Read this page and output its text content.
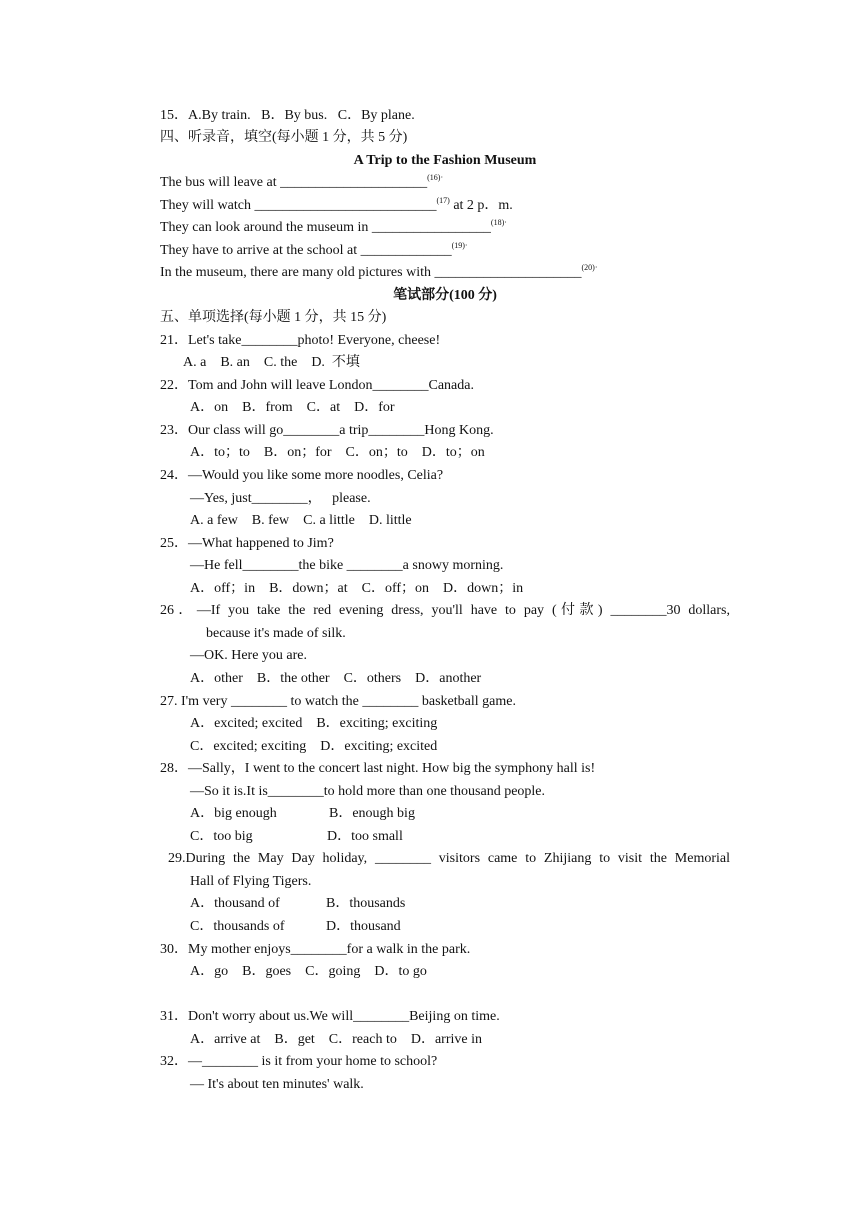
15．A.By train.   B．By bus.   C．By plane.
四、听录音，填空(每小题 1 分，共 5 分)
A Trip to the Fashion Museum
The bus will leave at _____________________$^{(16)\cdot}$
They will watch __________________________$^{(17)}$ at 2 p．m.
They can look around the museum in _________________$^{(18)\cdot}$
They have to arrive at the school at _____________$^{(19)\cdot}$
In the museum, there are many old pictures with _____________________$^{(20)\cdot}$
笔试部分(100 分)
五、单项选择(每小题 1 分，共 15 分)
21．Let's take________photo! Everyone, cheese!
A. a    B. an    C. the    D.  不填
22．Tom and John will leave London________Canada.
A．on    B．from    C．at    D．for
23．Our class will go________a trip________Hong Kong.
A．to；to    B．on；for    C．on；to    D．to；on
24．—Would you like some more noodles, Celia?
—Yes, just________，   please.
A. a few    B. few    C. a little    D. little
25．—What happened to Jim?
—He fell________the bike ________a snowy morning.
A．off；in    B．down；at    C．off；on    D．down；in
26．—If you take the red evening dress, you'll have to pay (付款) ________30 dollars,
because it's made of silk.
—OK. Here you are.
A．other    B．the other    C．others    D．another
27. I'm very ________ to watch the ________ basketball game.
A．excited; excited    B．exciting; exciting
C．excited; exciting    D．exciting; excited
28．—Sally，I went to the concert last night. How big the symphony hall is!
—So it is.It is________to hold more than one thousand people.
A．big enough	B．enough big
C．too big	D．too small
29.During the May Day holiday, ________ visitors came to Zhijiang to visit the Memorial
Hall of Flying Tigers.
A．thousand of	B．thousands
C．thousands of	D．thousand
30．My mother enjoys________for a walk in the park.
A．go    B．goes    C．going    D．to go
31．Don't worry about us.We will________Beijing on time.
A．arrive at    B．get    C．reach to    D．arrive in
32．—________ is it from your home to school?
— It's about ten minutes' walk.
